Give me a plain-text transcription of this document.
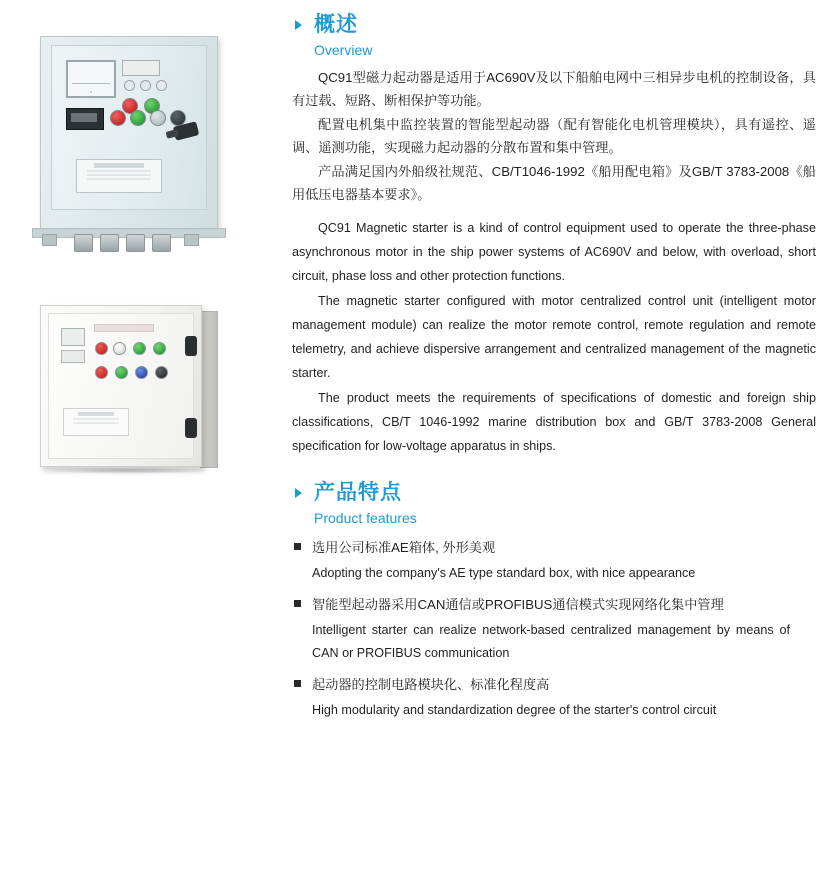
A
概述
Overview

QC91型磁力起动器是适用于AC690V及以下船舶电网中三相异步电机的控制设备，具有过载、短路、断相保护等功能。

配置电机集中监控装置的智能型起动器（配有智能化电机管理模块），具有遥控、遥调、遥测功能，实现磁力起动器的分散布置和集中管理。

产品满足国内外船级社规范、CB/T1046-1992《船用配电箱》及GB/T 3783-2008《船用低压电器基本要求》。

QC91 Magnetic starter is a kind of control equipment used to operate the three-phase asynchronous motor in the ship power systems of AC690V and below, with overload, short circuit, phase loss and other protection functions.

The magnetic starter configured with motor centralized control unit (intelligent motor management module) can realize the motor remote control, remote regulation and remote telemetry, and achieve dispersive arrangement and centralized management of the magnetic starter.

The product meets the requirements of specifications of domestic and foreign ship classifications, CB/T 1046-1992 marine distribution box and GB/T 3783-2008 General specification for low-voltage apparatus in ships.

产品特点
Product features
选用公司标准AE箱体, 外形美观
Adopting the company's AE type standard box, with nice appearance
智能型起动器采用CAN通信或PROFIBUS通信模式实现网络化集中管理
Intelligent starter can realize network-based centralized management by means of CAN or PROFIBUS communication
起动器的控制电路模块化、标准化程度高
High modularity and standardization degree of the starter's control circuit
